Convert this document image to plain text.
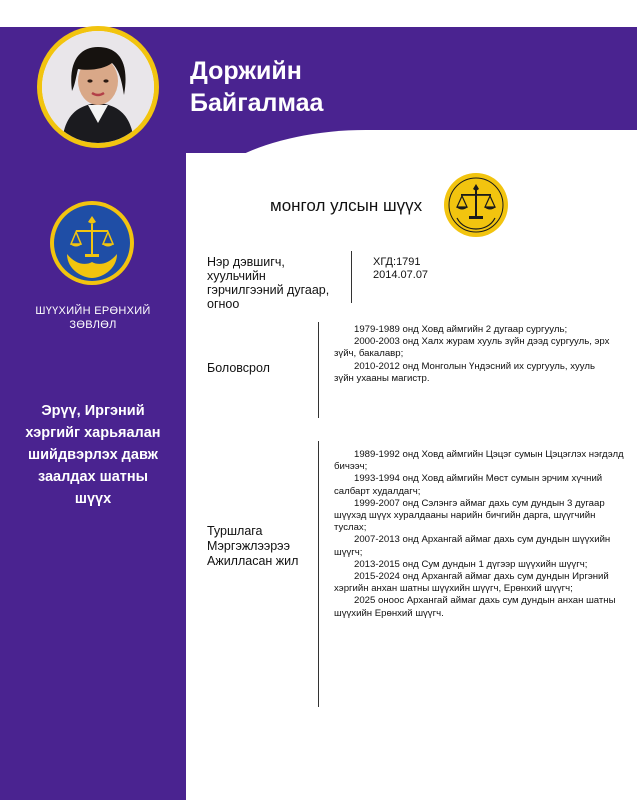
Доржийн
Байгалмаа
ШҮҮХИЙН ЕРӨНХИЙ ЗӨВЛӨЛ
Эрүү, Иргэний
хэргийг харьяалан
шийдвэрлэх давж
заалдах шатны
шүүх
монгол улсын шүүх
Нэр дэвшигч,
хуульчийн
гэрчилгээний дугаар,
огноо
ХГД:1791
2014.07.07
Боловсрол
1979-1989 онд Ховд аймгийн 2 дугаар сургууль;
2000-2003 онд Халх журам хууль зүйн дээд сургууль, эрх зүйч, бакалавр;
2010-2012 онд Монголын Үндэсний их сургууль, хууль зүйн ухааны магистр.
Туршлага
Мэргэжлээрээ
Ажилласан жил
1989-1992 онд Ховд аймгийн Цэцэг сумын Цэцэглэх нэгдэлд бичээч;
1993-1994 онд Ховд аймгийн Мөст сумын эрчим хүчний салбарт худалдагч;
1999-2007 онд Сэлэнгэ аймаг дахь сум дундын 3 дугаар шүүхэд шүүх хуралдааны нарийн бичгийн дарга, шүүгчийн туслах;
2007-2013 онд Архангай аймаг дахь сум дундын шүүхийн шүүгч;
2013-2015 онд Сум дундын 1 дүгээр шүүхийн шүүгч;
2015-2024 онд Архангай аймаг дахь сум дундын Иргэний хэргийн анхан шатны шүүхийн шүүгч, Ерөнхий шүүгч;
2025 оноос Архангай аймаг дахь сум дундын анхан шатны шүүхийн Ерөнхий шүүгч.
